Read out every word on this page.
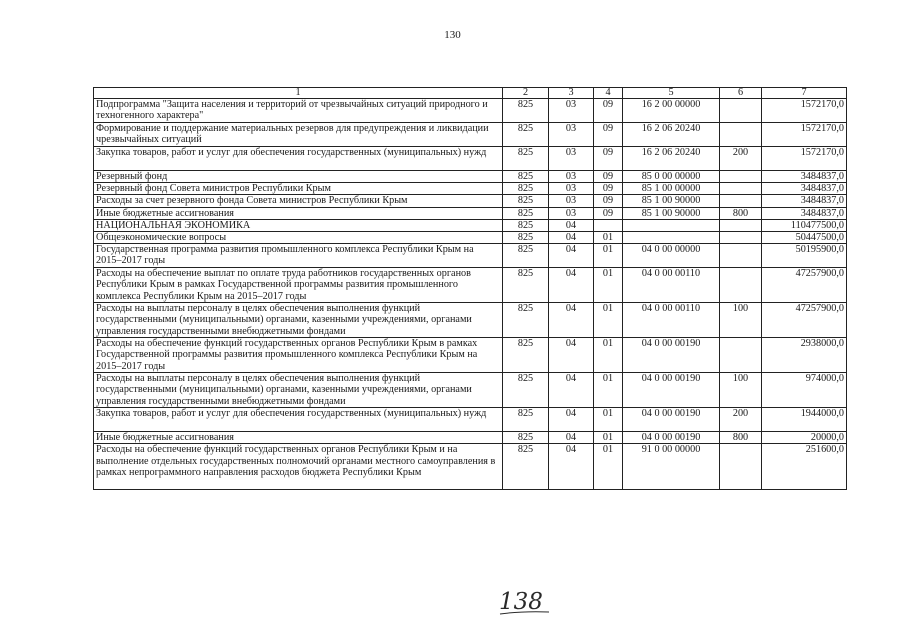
130
1	2	3	4	5	6	7
Подпрограмма "Защита населения и территорий от чрезвычайных ситуаций природного и техногенного характера"	825	03	09	16 2 00 00000		1572170,0
Формирование и поддержание материальных резервов для предупреждения и ликвидации чрезвычайных ситуаций	825	03	09	16 2 06 20240		1572170,0
Закупка товаров, работ и услуг для обеспечения государственных (муниципальных) нужд	825	03	09	16 2 06 20240	200	1572170,0
Резервный фонд	825	03	09	85 0 00 00000		3484837,0
Резервный фонд Совета министров Республики Крым	825	03	09	85 1 00 00000		3484837,0
Расходы за счет резервного фонда Совета министров Республики Крым	825	03	09	85 1 00 90000		3484837,0
Иные бюджетные ассигнования	825	03	09	85 1 00 90000	800	3484837,0
НАЦИОНАЛЬНАЯ ЭКОНОМИКА	825	04				110477500,0
Общеэкономические вопросы	825	04	01			50447500,0
Государственная программа развития промышленного комплекса Республики Крым на 2015–2017 годы	825	04	01	04 0 00 00000		50195900,0
Расходы на обеспечение выплат по оплате труда работников государственных органов Республики Крым в рамках Государственной программы развития промышленного комплекса Республики Крым на 2015–2017 годы	825	04	01	04 0 00 00110		47257900,0
Расходы на выплаты персоналу в целях обеспечения выполнения функций государственными (муниципальными) органами, казенными учреждениями, органами управления государственными внебюджетными фондами	825	04	01	04 0 00 00110	100	47257900,0
Расходы на обеспечение функций государственных органов Республики Крым в рамках Государственной программы развития промышленного комплекса Республики Крым на 2015–2017 годы	825	04	01	04 0 00 00190		2938000,0
Расходы на выплаты персоналу в целях обеспечения выполнения функций государственными (муниципальными) органами, казенными учреждениями, органами управления государственными внебюджетными фондами	825	04	01	04 0 00 00190	100	974000,0
Закупка товаров, работ и услуг для обеспечения государственных (муниципальных) нужд	825	04	01	04 0 00 00190	200	1944000,0
Иные бюджетные ассигнования	825	04	01	04 0 00 00190	800	20000,0
Расходы на обеспечение функций государственных органов Республики Крым и на выполнение отдельных государственных полномочий органами местного самоуправления в рамках непрограммного направления расходов бюджета Республики Крым	825	04	01	91 0 00 00000		251600,0
138
